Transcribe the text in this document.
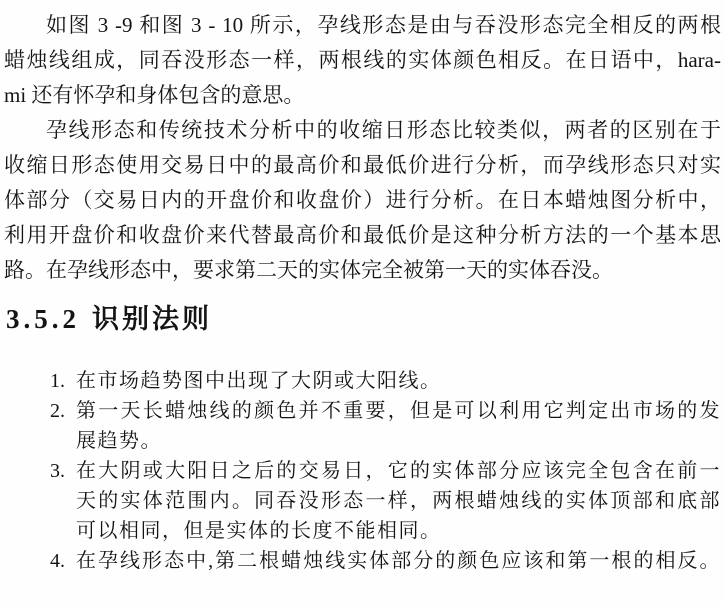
如图 3 -9 和图 3 - 10 所示，孕线形态是由与吞没形态完全相反的两根
蜡烛线组成，同吞没形态一样，两根线的实体颜色相反。在日语中，hara-
mi 还有怀孕和身体包含的意思。

孕线形态和传统技术分析中的收缩日形态比较类似，两者的区别在于
收缩日形态使用交易日中的最高价和最低价进行分析，而孕线形态只对实
体部分（交易日内的开盘价和收盘价）进行分析。在日本蜡烛图分析中，
利用开盘价和收盘价来代替最高价和最低价是这种分析方法的一个基本思
路。在孕线形态中，要求第二天的实体完全被第一天的实体吞没。

3.5.2 识别法则
1. 在市场趋势图中出现了大阴或大阳线。
2. 第一天长蜡烛线的颜色并不重要，但是可以利用它判定出市场的发
展趋势。
3. 在大阴或大阳日之后的交易日，它的实体部分应该完全包含在前一
天的实体范围内。同吞没形态一样，两根蜡烛线的实体顶部和底部
可以相同，但是实体的长度不能相同。
4. 在孕线形态中,第二根蜡烛线实体部分的颜色应该和第一根的相反。
